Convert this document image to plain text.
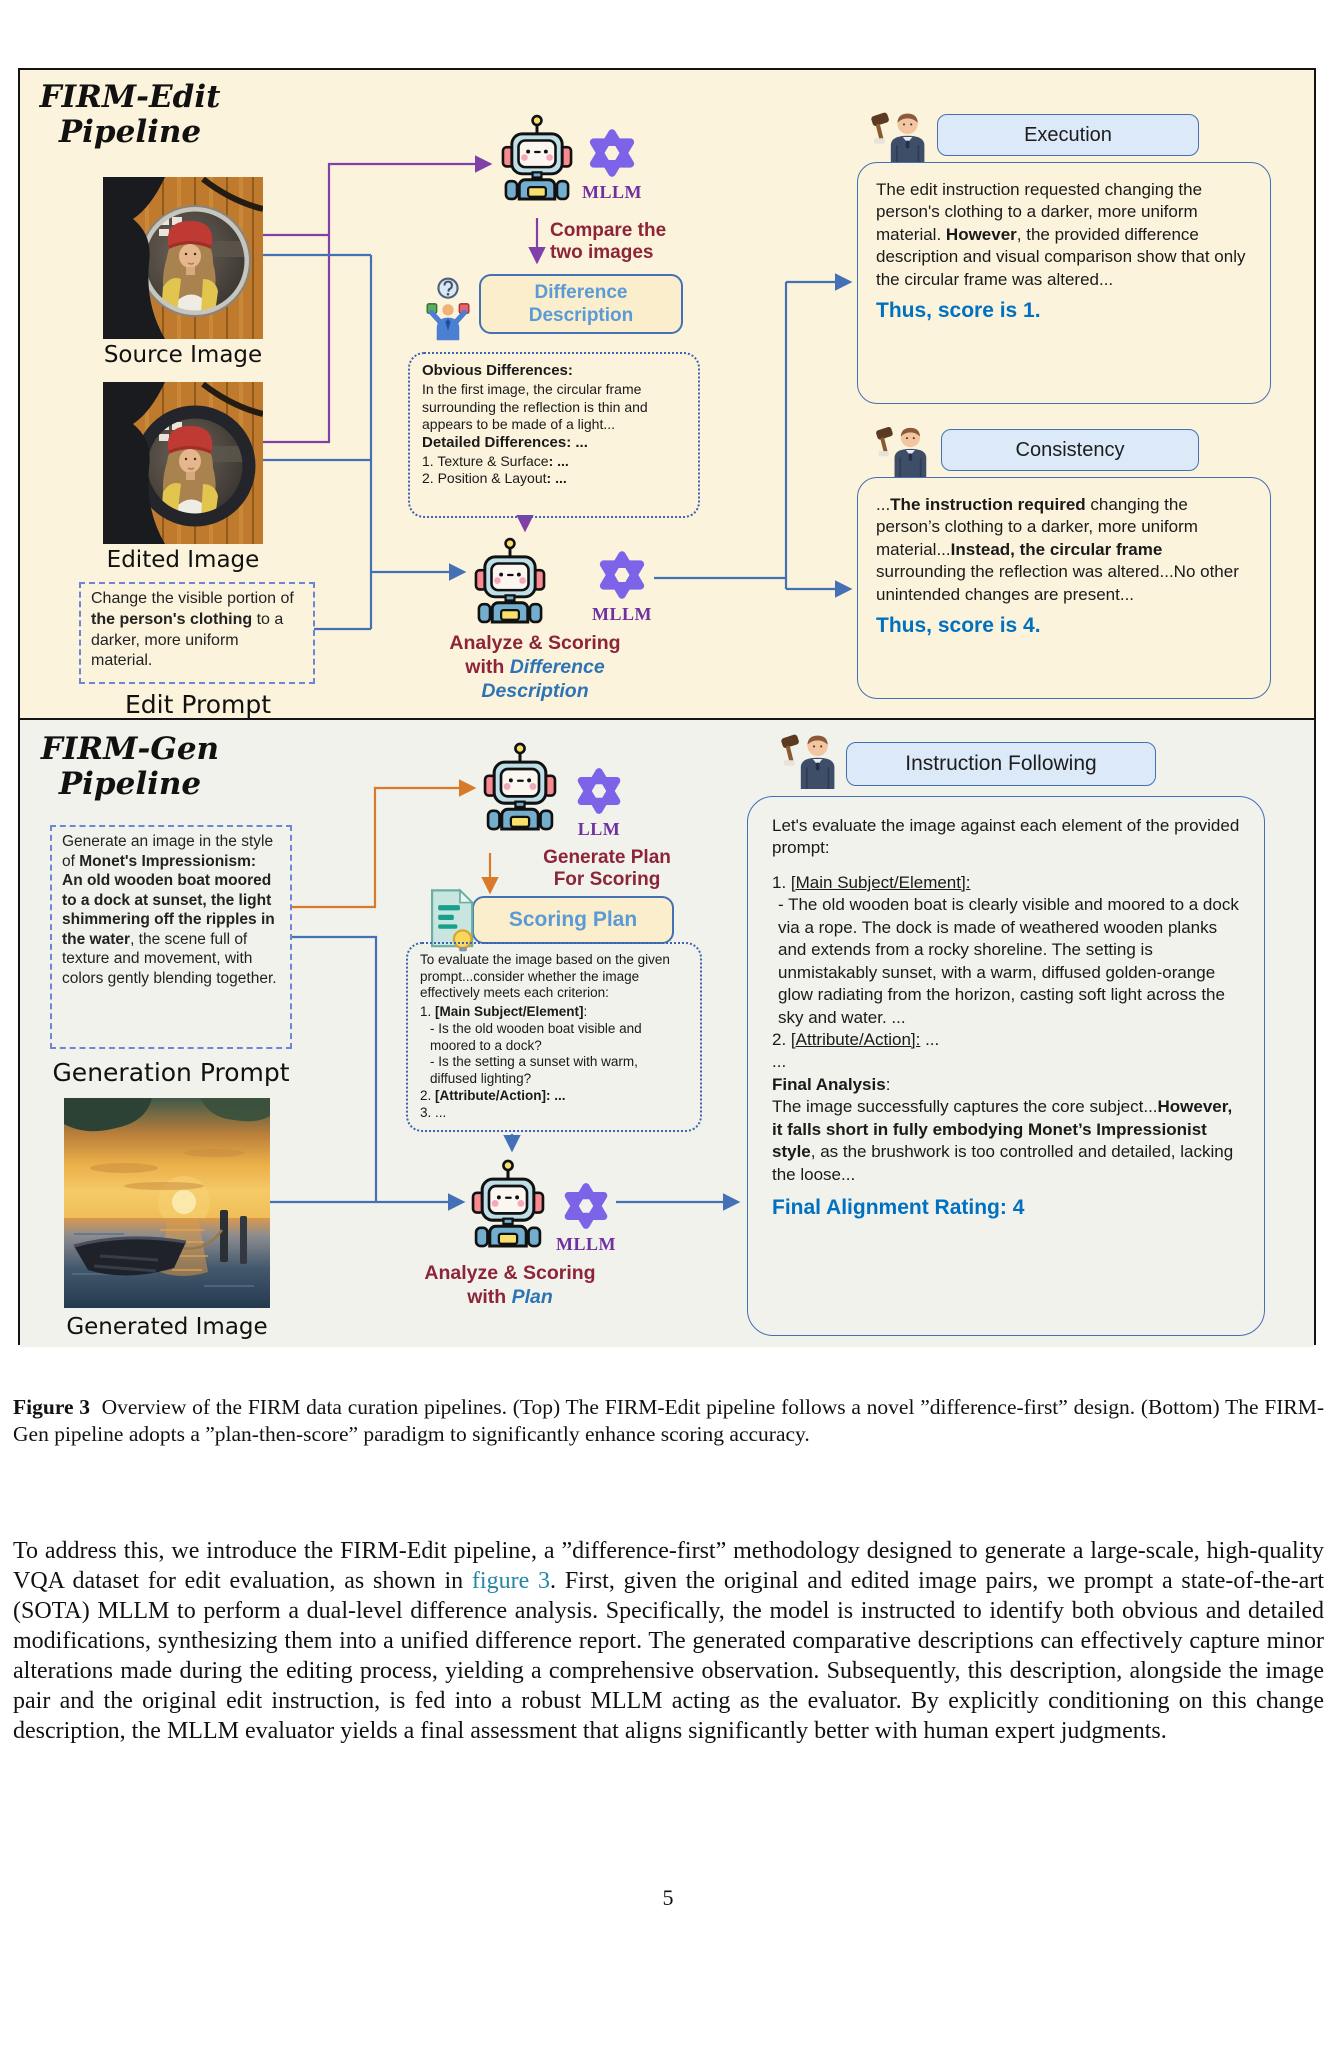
FIRM-Edit
Pipeline
Source Image
Edited Image
Change the visible portion of the person's clothing to a darker, more uniform material.
Edit Prompt
MLLM
Compare the
two images
Difference
Description
Obvious Differences:
In the first image, the circular frame surrounding the reflection is thin and appears to be made of a light...
Detailed Differences: ...
1. Texture & Surface: ...
2. Position & Layout: ...
MLLM
Analyze & Scoring
with Difference
Description
Execution
The edit instruction requested changing the person's clothing to a darker, more uniform material. However, the provided difference description and visual comparison show that only the circular frame was altered...
Thus, score is 1.
Consistency
...The instruction required changing the person’s clothing to a darker, more uniform material...Instead, the circular frame surrounding the reflection was altered...No other unintended changes are present...
Thus, score is 4.
FIRM-Gen
Pipeline
Generate an image in the style of Monet's Impressionism: An old wooden boat moored to a dock at sunset, the light shimmering off the ripples in the water, the scene full of texture and movement, with colors gently blending together.
Generation Prompt
Generated Image
LLM
Generate Plan
For Scoring
Scoring Plan
To evaluate the image based on the given prompt...consider whether the image effectively meets each criterion:
1. [Main Subject/Element]:
- Is the old wooden boat visible and moored to a dock?
- Is the setting a sunset with warm, diffused lighting?
2. [Attribute/Action]: ...
3. ...
MLLM
Analyze & Scoring
with Plan
Instruction Following
Let's evaluate the image against each element of the provided prompt:
1. [Main Subject/Element]:
- The old wooden boat is clearly visible and moored to a dock via a rope. The dock is made of weathered wooden planks and extends from a rocky shoreline. The setting is unmistakably sunset, with a warm, diffused golden-orange glow radiating from the horizon, casting soft light across the sky and water. ...
2. [Attribute/Action]: ...
...
Final Analysis:
The image successfully captures the core subject...However, it falls short in fully embodying Monet’s Impressionist style, as the brushwork is too controlled and detailed, lacking the loose...
Final Alignment Rating: 4

Figure 3 Overview of the FIRM data curation pipelines. (Top) The FIRM-Edit pipeline follows a novel ”difference-first” design. (Bottom) The FIRM-Gen pipeline adopts a ”plan-then-score” paradigm to significantly enhance scoring accuracy.

To address this, we introduce the FIRM-Edit pipeline, a ”difference-first” methodology designed to generate a large-scale, high-quality VQA dataset for edit evaluation, as shown in figure 3. First, given the original and edited image pairs, we prompt a state-of-the-art (SOTA) MLLM to perform a dual-level difference analysis. Specifically, the model is instructed to identify both obvious and detailed modifications, synthesizing them into a unified difference report. The generated comparative descriptions can effectively capture minor alterations made during the editing process, yielding a comprehensive observation. Subsequently, this description, alongside the image pair and the original edit instruction, is fed into a robust MLLM acting as the evaluator. By explicitly conditioning on this change description, the MLLM evaluator yields a final assessment that aligns significantly better with human expert judgments.

5
